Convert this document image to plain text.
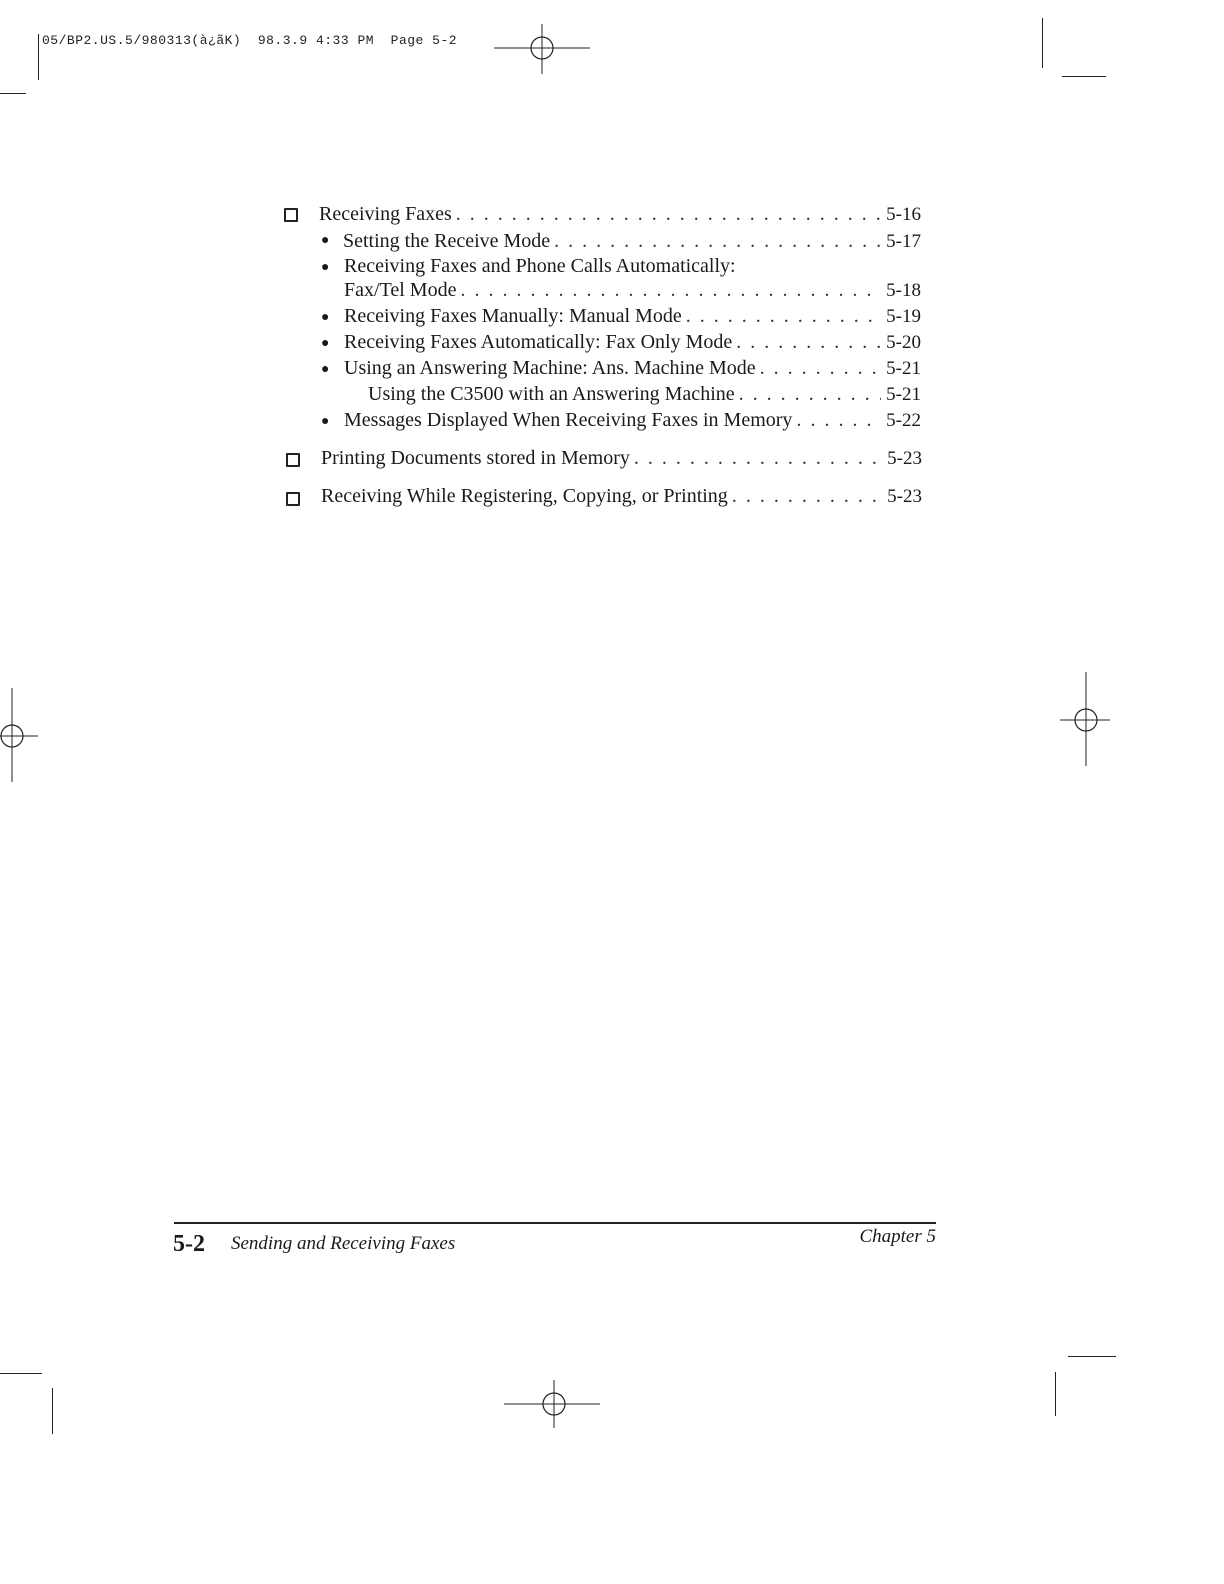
05/BP2.US.5/980313(à¿ãK)  98.3.9 4:33 PM  Page 5-2
Receiving Faxes . . .	5-16
● Setting the Receive Mode . . .	5-17
● Receiving Faxes and Phone Calls Automatically:
Fax/Tel Mode . . .	5-18
● Receiving Faxes Manually: Manual Mode . . .	5-19
● Receiving Faxes Automatically: Fax Only Mode . . .	5-20
● Using an Answering Machine: Ans. Machine Mode . . .	5-21
Using the C3500 with an Answering Machine . . .	5-21
● Messages Displayed When Receiving Faxes in Memory . . .	5-22
Printing Documents stored in Memory . . .	5-23
Receiving While Registering, Copying, or Printing . . .	5-23
5-2 Sending and Receiving Faxes	Chapter 5
